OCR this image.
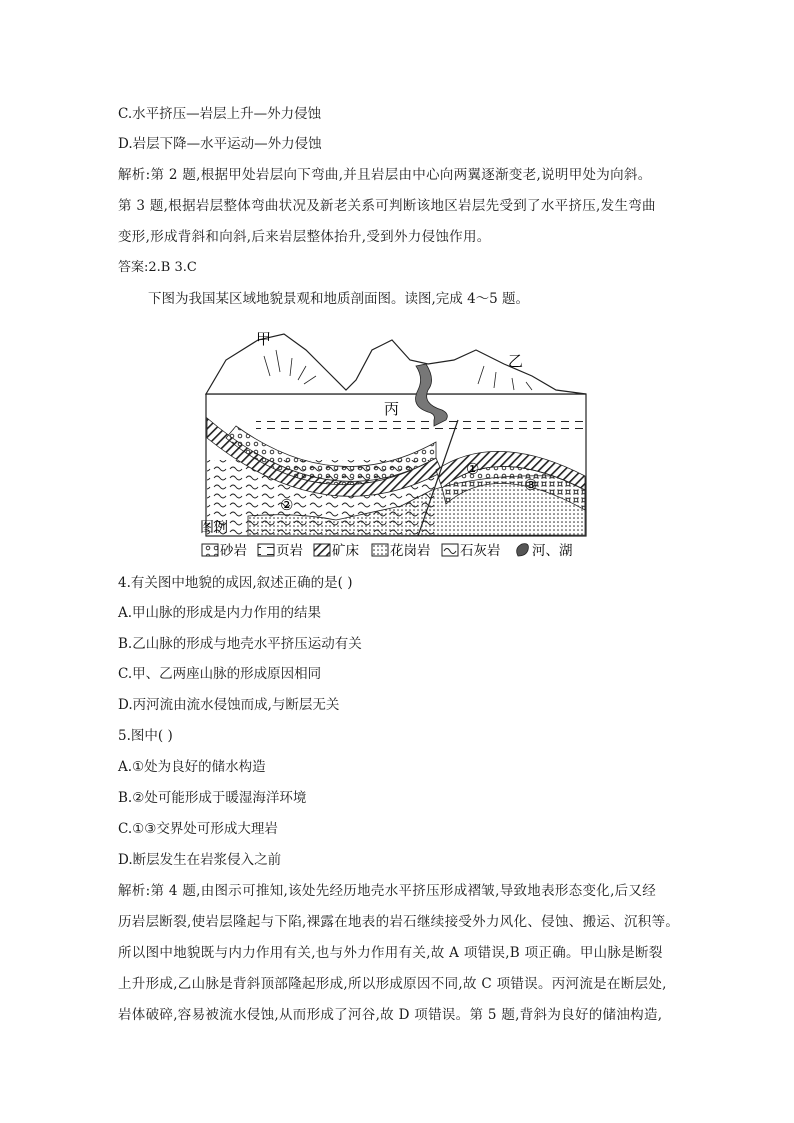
C.水平挤压—岩层上升—外力侵蚀
D.岩层下降—水平运动—外力侵蚀
解析:第 2 题,根据甲处岩层向下弯曲,并且岩层由中心向两翼逐渐变老,说明甲处为向斜。
第 3 题,根据岩层整体弯曲状况及新老关系可判断该地区岩层先受到了水平挤压,发生弯曲
变形,形成背斜和向斜,后来岩层整体抬升,受到外力侵蚀作用。
答案:2.B 3.C
下图为我国某区域地貌景观和地质剖面图。读图,完成 4～5 题。
甲
乙
丙
①
②
③
图例
砂岩 页岩 矿床 花岗岩 石灰岩 河、湖
4.有关图中地貌的成因,叙述正确的是( )
A.甲山脉的形成是内力作用的结果
B.乙山脉的形成与地壳水平挤压运动有关
C.甲、乙两座山脉的形成原因相同
D.丙河流由流水侵蚀而成,与断层无关
5.图中( )
A.①处为良好的储水构造
B.②处可能形成于暖湿海洋环境
C.①③交界处可形成大理岩
D.断层发生在岩浆侵入之前
解析:第 4 题,由图示可推知,该处先经历地壳水平挤压形成褶皱,导致地表形态变化,后又经
历岩层断裂,使岩层隆起与下陷,裸露在地表的岩石继续接受外力风化、侵蚀、搬运、沉积等。
所以图中地貌既与内力作用有关,也与外力作用有关,故 A 项错误,B 项正确。甲山脉是断裂
上升形成,乙山脉是背斜顶部隆起形成,所以形成原因不同,故 C 项错误。丙河流是在断层处,
岩体破碎,容易被流水侵蚀,从而形成了河谷,故 D 项错误。第 5 题,背斜为良好的储油构造,
